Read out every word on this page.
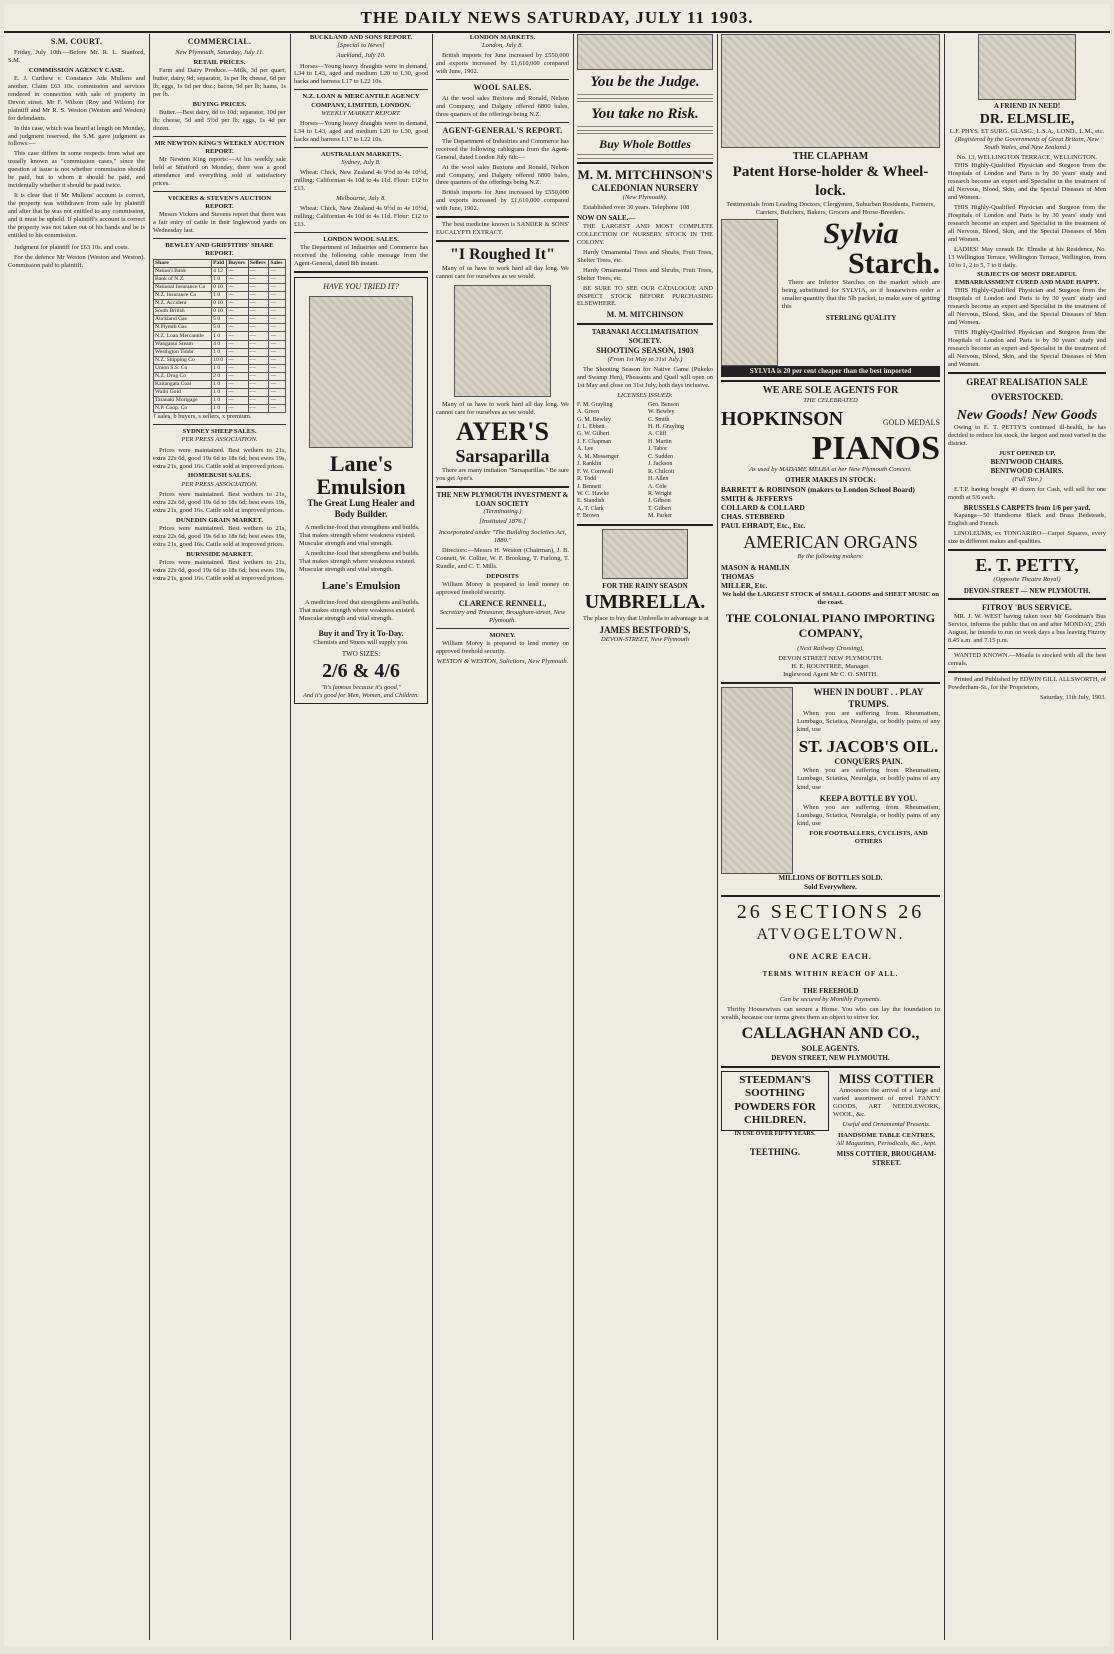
THE DAILY NEWS SATURDAY, JULY 11 1903.
S.M. COURT.

Friday, July 10th.—Before Mr. R. L. Stanford, S.M.

COMMISSION AGENCY CASE.

E. J. Carthew v. Constance Ada Mullens and another. Claim £63 10s. commission and services rendered in connection with sale of property in Devon street. Mr F. Wilson (Roy and Wilson) for plaintiff and Mr R. S. Weston (Weston and Weston) for defendants.

In this case, which was heard at length on Monday, and judgment reserved, the S.M. gave judgment as follows:—

This case differs in some respects from what are usually known as "commission cases," since the question at issue is not whether commission should be paid, but to whom it should be paid, and incidentally whether it should be paid twice.

It is clear that if Mr Mullens' account is correct, the property was withdrawn from sale by plaintiff and after that he was not entitled to any commission, and it must be upheld. If plaintiff's account is correct the property was not taken out of his hands and he is entitled to his commission.

Judgment for plaintiff for £63 10s. and costs.

For the defence Mr Weston (Weston and Weston). Commission paid to plaintiff.

COMMERCIAL.
New Plymouth, Saturday, July 11.
RETAIL PRICES.

Farm and Dairy Produce.—Milk, 3d per quart; butter, dairy, 9d; separator, 1s per lb; cheese, 6d per lb; eggs, 1s 6d per doz.; bacon, 9d per lb; hams, 1s per lb.

BUYING PRICES.

Butter.—Best dairy, 8d to 10d; separator, 10d per lb; cheese, 5d and 5½d per lb; eggs, 1s 4d per dozen.

MR NEWTON KING'S WEEKLY AUCTION REPORT.

Mr Newton King reports:—At his weekly sale held at Stratford on Monday, there was a good attendance and everything sold at satisfactory prices.

VICKERS & STEVEN'S AUCTION REPORT.

Messrs Vickers and Stevens report that there was a fair entry of cattle in their Inglewood yards on Wednesday last.

BEWLEY AND GRIFFITHS' SHARE REPORT.
Share	Paid	Buyers	Sellers	Sales
Nation'l Bank	4 12	—	—	—
Bank of N.Z.	1 0	—	—	—
National Insurance Co	0 10	—	—	—
N.Z. Insurance Co	1 0	—	—	—
N.Z. Accident	0 10	—	—	—
South British	0 10	—	—	—
Auckland Gas	5 0	—	—	—
N.Plymth Gas	5 0	—	—	—
N.Z. Loan Mercantile	1 0	—	—	—
Wanganui Steam	4 0	—	—	—
Westhgton Timbr	1 0	—	—	—
N.Z. Shipping Co	10 0	—	—	—
Union S.S. Co	1 0	—	—	—
N.Z. Drug Co	2 0	—	—	—
Kaitangata Coal	1 0	—	—	—
Waihi Gold	1 0	—	—	—
Taranaki Mortgage	1 0	—	—	—
N.P. Coop. Co	1 0	—	—	—

† sales, b buyers, s sellers, x premium.

SYDNEY SHEEP SALES.
PER PRESS ASSOCIATION.

Prices were maintained. Best wethers to 21s, extra 22s 6d, good 19s 6d to 18s 6d; best ewes 19s, extra 21s, good 16s. Cattle sold at improved prices.

HOMEBUSH SALES.
PER PRESS ASSOCIATION.

Prices were maintained. Best wethers to 21s, extra 22s 6d, good 19s 6d to 18s 6d; best ewes 19s, extra 21s, good 16s. Cattle sold at improved prices.

DUNEDIN GRAIN MARKET.

Prices were maintained. Best wethers to 21s, extra 22s 6d, good 19s 6d to 18s 6d; best ewes 19s, extra 21s, good 16s. Cattle sold at improved prices.

BURNSIDE MARKET.

Prices were maintained. Best wethers to 21s, extra 22s 6d, good 19s 6d to 18s 6d; best ewes 19s, extra 21s, good 16s. Cattle sold at improved prices.

BUCKLAND AND SONS REPORT.
[Special to News]
Auckland, July 10.

Horses—Young heavy draughts were in demand, L34 to L43, aged and medium L20 to L30, good hacks and harness L17 to L22 10s.

N.Z. LOAN & MERCANTILE AGENCY COMPANY, LIMITED, LONDON.
WEEKLY MARKET REPORT.

Horses—Young heavy draughts were in demand, L34 to L43, aged and medium L20 to L30, good hacks and harness L17 to L22 10s.

AUSTRALIAN MARKETS.
Sydney, July 8.

Wheat: Chick, New Zealand 4s 9½d to 4s 10½d, milling; Californian 4s 10d to 4s 11d. Flour: £12 to £13.

Melbourne, July 8.

Wheat: Chick, New Zealand 4s 9½d to 4s 10½d, milling; Californian 4s 10d to 4s 11d. Flour: £12 to £13.

LONDON WOOL SALES.

The Department of Industries and Commerce has received the following cable message from the Agent-General, dated 8th instant.

HAVE YOU TRIED IT?
Lane's Emulsion
The Great Lung Healer and Body Builder.

A medicine-food that strengthens and builds. That makes strength where weakness existed. Muscular strength and vital strength.

A medicine-food that strengthens and builds. That makes strength where weakness existed. Muscular strength and vital strength.

Lane's Emulsion

A medicine-food that strengthens and builds. That makes strength where weakness existed. Muscular strength and vital strength.

Buy it and Try it To-Day.
Chemists and Stores will supply you.
TWO SIZES:
2/6 & 4/6
"It's famous because it's good,"
And it's good for Men, Women, and Children.
LONDON MARKETS.
London, July 8.

British imports for June increased by £550,000 and exports increased by £1,610,000 compared with June, 1902.

WOOL SALES.

At the wool sales Buxtons and Ronald, Nelson and Company, and Dalgety offered 6800 bales, three quarters of the offerings being N.Z.

AGENT-GENERAL'S REPORT.

The Department of Industries and Commerce has received the following cablegram from the Agent-General, dated London July 6th:—

At the wool sales Buxtons and Ronald, Nelson and Company, and Dalgety offered 6800 bales, three quarters of the offerings being N.Z.

British imports for June increased by £550,000 and exports increased by £1,610,000 compared with June, 1902.

The best medicine known is SANDER & SONS' EUCALYPTI EXTRACT.

"I Roughed It"

Many of us have to work hard all day long. We cannot care for ourselves as we would.

Many of us have to work hard all day long. We cannot care for ourselves as we would.

AYER'S
Sarsaparilla

There are many imitation "Sarsaparillas." Be sure you get Ayer's.

THE NEW PLYMOUTH INVESTMENT & LOAN SOCIETY
(Terminating.)
[Instituted 1876.]
Incorporated under "The Building Societies Act, 1880."

Directors:—Messrs H. Weston (Chairman), J. B. Connett, W. Collier, W. F. Brooking, T. Furlong, T. Rundle, and C. T. Mills.

DEPOSITS

William Morey is prepared to lend money on approved freehold security.

CLARENCE RENNELL,
Secretary and Treasurer, Brougham-street, New Plymouth.
MONEY.

William Morey is prepared to lend money on approved freehold security.

WESTON & WESTON, Solicitors, New Plymouth.
You be the Judge.
You take no Risk.
Buy Whole Bottles
M. M. MITCHINSON'S
CALEDONIAN NURSERY
(New Plymouth).

Established over 30 years. Telephone 108

NOW ON SALE.—

THE LARGEST AND MOST COMPLETE COLLECTION OF NURSERY STOCK IN THE COLONY.

Hardy Ornamental Trees and Shrubs, Fruit Trees, Shelter Trees, etc.

Hardy Ornamental Trees and Shrubs, Fruit Trees, Shelter Trees, etc.

BE SURE TO SEE OUR CATALOGUE AND INSPECT STOCK BEFORE PURCHASING ELSEWHERE.

M. M. MITCHINSON
TARANAKI ACCLIMATISATION SOCIETY.
SHOOTING SEASON, 1903
(From 1st May to 31st July.)

The Shooting Season for Native Game (Pukeko and Swamp Hen), Pheasants and Quail will open on 1st May and close on 31st July, both days inclusive.

LICENSES ISSUED:
F. M. Grayling
A. Green
G. M. Bewley
J. L. Ebbett
G. W. Gilbert
J. F. Chapman
A. Lee
A. M. Messenger
J. Ranklin
F. W. Cornwall
R. Todd
J. Bennett
W. C. Hawke
E. Standish
A. T. Clark
F. Brown
Geo. Benson
W. Bewley
C. Smith
H. H. Grayling
A. Cliff
H. Martin
J. Tabor
C. Sudden
J. Jackson
R. Chilcott
H. Allen
A. Cole
R. Wright
J. Gibson
T. Gilbert
M. Parker
FOR THE RAINY SEASON
UMBRELLA.

The place to buy that Umbrella to advantage is at

JAMES BESTFORD'S,
DEVON-STREET, New Plymouth
THE CLAPHAM
Patent Horse-holder & Wheel-lock.

Testimonials from Leading Doctors, Clergymen, Suburban Residents, Farmers, Carriers, Butchers, Bakers, Grocers and Horse-Breeders.

Sylvia
Starch.

There are Inferior Starches on the market which are being substituted for SYLVIA, so if housewives order a smaller quantity that the 5lb packet, to make sure of getting this

STERLING QUALITY
SYLVIA is 20 per cent cheaper than the best imported
WE ARE SOLE AGENTS FOR
THE CELEBRATED
HOPKINSON	GOLD MEDALS
PIANOS
As used by MADAME MELBA at her New Plymouth Concert.
OTHER MAKES IN STOCK:
BARRETT & ROBINSON (makers to London School Board)
SMITH & JEFFERYS
COLLARD & COLLARD
CHAS. STEBBERD
PAUL EHRADT, Etc., Etc.
AMERICAN ORGANS
By the following makers:
MASON & HAMLIN
THOMAS
MILLER, Etc.

We hold the LARGEST STOCK of SMALL GOODS and SHEET MUSIC on the coast.

THE COLONIAL PIANO IMPORTING COMPANY,
(Next Railway Crossing),
DEVON STREET NEW PLYMOUTH.
H. E. ROUNTREE, Manager.
Inglewood Agent Mr C. O. SMITH.
WHEN IN DOUBT . . PLAY TRUMPS.

When you are suffering from Rheumatism, Lumbago, Sciatica, Neuralgia, or bodily pains of any kind, use

ST. JACOB'S OIL.
CONQUERS PAIN.

When you are suffering from Rheumatism, Lumbago, Sciatica, Neuralgia, or bodily pains of any kind, use

KEEP A BOTTLE BY YOU.

When you are suffering from Rheumatism, Lumbago, Sciatica, Neuralgia, or bodily pains of any kind, use

FOR FOOTBALLERS, CYCLISTS, AND OTHERS
MILLIONS OF BOTTLES SOLD.
Sold Everywhere.
26 SECTIONS 26
ATVOGELTOWN.
ONE ACRE EACH.
TERMS WITHIN REACH OF ALL.
THE FREEHOLD
Can be secured by Monthly Payments.

Thrifty Housewives can secure a Home. You who can lay the foundation to wealth, because our terms gives them an object to strive for.

CALLAGHAN AND CO.,
SOLE AGENTS.
DEVON STREET, NEW PLYMOUTH.
STEEDMAN'S SOOTHING POWDERS FOR CHILDREN.
IN USE OVER FIFTY YEARS.
TEETHING.
MISS COTTIER

Announces the arrival of a large and varied assortment of novel FANCY GOODS, ART NEEDLEWORK, WOOL, &c.

Useful and Ornamental Presents.
HANDSOME TABLE CENTRES,
All Magazines, Periodicals, &c., kept.
MISS COTTIER, BROUGHAM-STREET.
A FRIEND IN NEED!
DR. ELMSLIE,
L.F. PHYS. ET SURG. GLASG., L.S.A., LOND., L.M., etc.
(Registered by the Governments of Great Britain, New South Wales, and New Zealand.)
No. 13, WELLINGTON TERRACE, WELLINGTON.

THIS Highly-Qualified Physician and Surgeon from the Hospitals of London and Paris is by 30 years' study and research become an expert and Specialist in the treatment of all Nervous, Blood, Skin, and the Special Diseases of Men and Women.

THIS Highly-Qualified Physician and Surgeon from the Hospitals of London and Paris is by 30 years' study and research become an expert and Specialist in the treatment of all Nervous, Blood, Skin, and the Special Diseases of Men and Women.

LADIES! May consult Dr. Elmslie at his Residence, No. 13 Wellington Terrace, Wellington Terrace, Wellington, from 10 to 1, 2 to 5, 7 to 8 daily.

SUBJECTS OF MOST DREADFUL EMBARRASSMENT CURED AND MADE HAPPY.

THIS Highly-Qualified Physician and Surgeon from the Hospitals of London and Paris is by 30 years' study and research become an expert and Specialist in the treatment of all Nervous, Blood, Skin, and the Special Diseases of Men and Women.

THIS Highly-Qualified Physician and Surgeon from the Hospitals of London and Paris is by 30 years' study and research become an expert and Specialist in the treatment of all Nervous, Blood, Skin, and the Special Diseases of Men and Women.

GREAT REALISATION SALE
OVERSTOCKED.
New Goods! New Goods

Owing to E. T. PETTY'S continued ill-health, he has decided to reduce his stock, the largest and most varied in the district.

JUST OPENED UP,
BENTWOOD CHAIRS.
BENTWOOD CHAIRS.
(Full Size.)

E.T.P. having bought 40 dozen for Cash, will sell for one month at 5/6 each.

BRUSSELS CARPETS from 1/6 per yard.

Kapanga—50 Handsome Black and Brass Bedsteads, English and French.

LINOLEUMS, ex TONGARIRO—Carpet Squares, every size in different makes and qualities.

E. T. PETTY,
(Opposite Theatre Royal)
DEVON-STREET — NEW PLYMOUTH.
FITROY 'BUS SERVICE.

MR. J. W. WEST having taken over Mr Goodman's Bus Service, informs the public that on and after MONDAY, 25th August, he intends to run on week days a bus leaving Fitzroy 8.45 a.m. and 7.15 p.m.

WANTED KNOWN.—Moaila is stocked with all the best cereals.

Printed and Published by EDWIN GILL ALLSWORTH, of Powderham-St., for the Proprietors,

Saturday, 11th July, 1903.
